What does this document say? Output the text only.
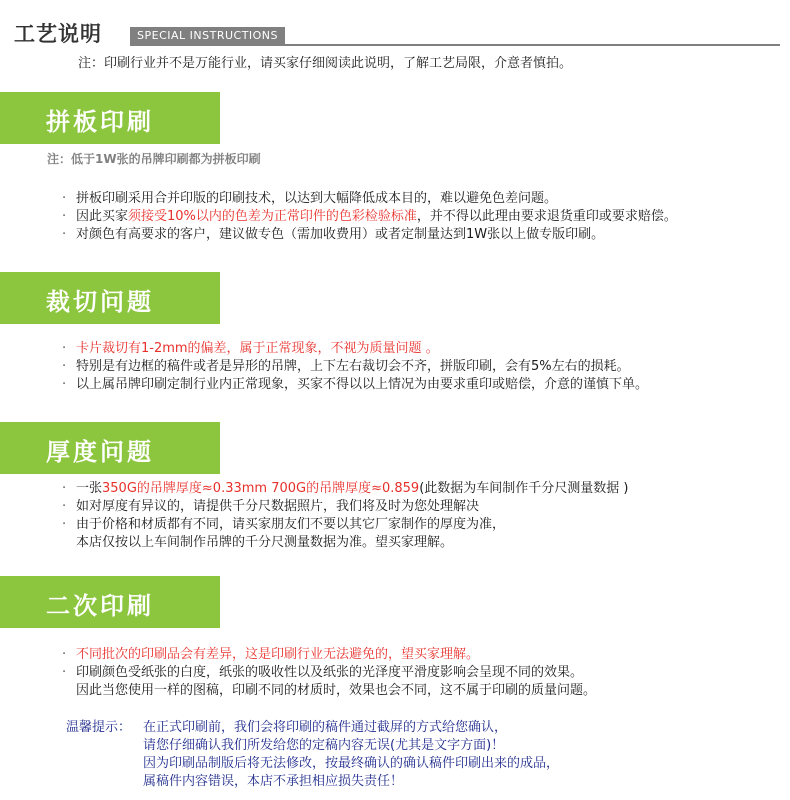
工艺说明	SPECIAL INSTRUCTIONS
注：印刷行业并不是万能行业，请买家仔细阅读此说明，了解工艺局限，介意者慎拍。
拼板印刷
注：低于1W张的吊牌印刷都为拼板印刷
· 拼板印刷采用合并印版的印刷技术，以达到大幅降低成本目的，难以避免色差问题。
· 因此买家须接受10%以内的色差为正常印件的色彩检验标准，并不得以此理由要求退货重印或要求赔偿。
· 对颜色有高要求的客户，建议做专色（需加收费用）或者定制量达到1W张以上做专版印刷。
裁切问题
· 卡片裁切有1-2mm的偏差，属于正常现象，不视为质量问题 。
· 特别是有边框的稿件或者是异形的吊牌，上下左右裁切会不齐，拼版印刷，会有5%左右的损耗。
· 以上属吊牌印刷定制行业内正常现象，买家不得以以上情况为由要求重印或赔偿，介意的谨慎下单。
厚度问题
· 一张350G的吊牌厚度≈0.33mm 700G的吊牌厚度≈0.859(此数据为车间制作千分尺测量数据 )
· 如对厚度有异议的，请提供千分尺数据照片，我们将及时为您处理解决
· 由于价格和材质都有不同，请买家朋友们不要以其它厂家制作的厚度为准，
本店仅按以上车间制作吊牌的千分尺测量数据为准。望买家理解。
二次印刷
· 不同批次的印刷品会有差异，这是印刷行业无法避免的，望买家理解。
· 印刷颜色受纸张的白度，纸张的吸收性以及纸张的光泽度平滑度影响会呈现不同的效果。
因此当您使用一样的图稿，印刷不同的材质时，效果也会不同，这不属于印刷的质量问题。
温馨提示： 在正式印刷前，我们会将印刷的稿件通过截屏的方式给您确认，
请您仔细确认我们所发给您的定稿内容无误(尤其是文字方面)！
因为印刷品制版后将无法修改，按最终确认的确认稿件印刷出来的成品，
属稿件内容错误，本店不承担相应损失责任！
